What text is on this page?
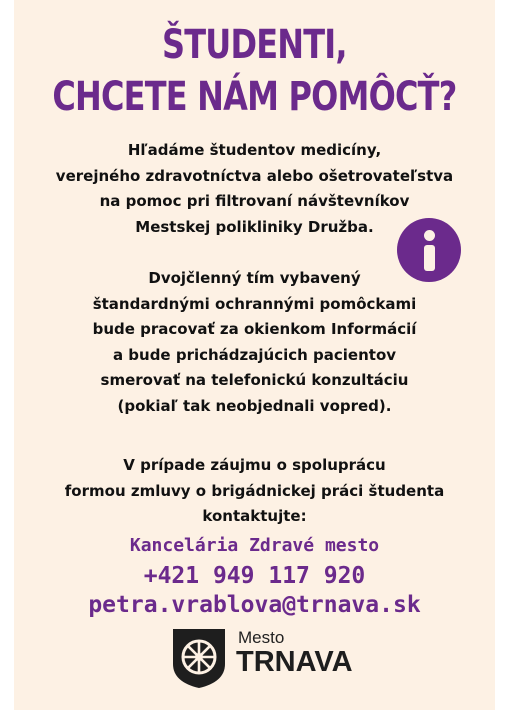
ŠTUDENTI,
CHCETE NÁM POMÔCŤ?
Hľadáme študentov medicíny,
verejného zdravotníctva alebo ošetrovateľstva
na pomoc pri filtrovaní návštevníkov
Mestskej polikliniky Družba.
Dvojčlenný tím vybavený
štandardnými ochrannými pomôckami
bude pracovať za okienkom Informácií
a bude prichádzajúcich pacientov
smerovať na telefonickú konzultáciu
(pokiaľ tak neobjednali vopred).
V prípade záujmu o spoluprácu
formou zmluvy o brigádnickej práci študenta
kontaktujte:
Kancelária Zdravé mesto
+421 949 117 920
petra.vrablova@trnava.sk
Mesto
TRNAVA
